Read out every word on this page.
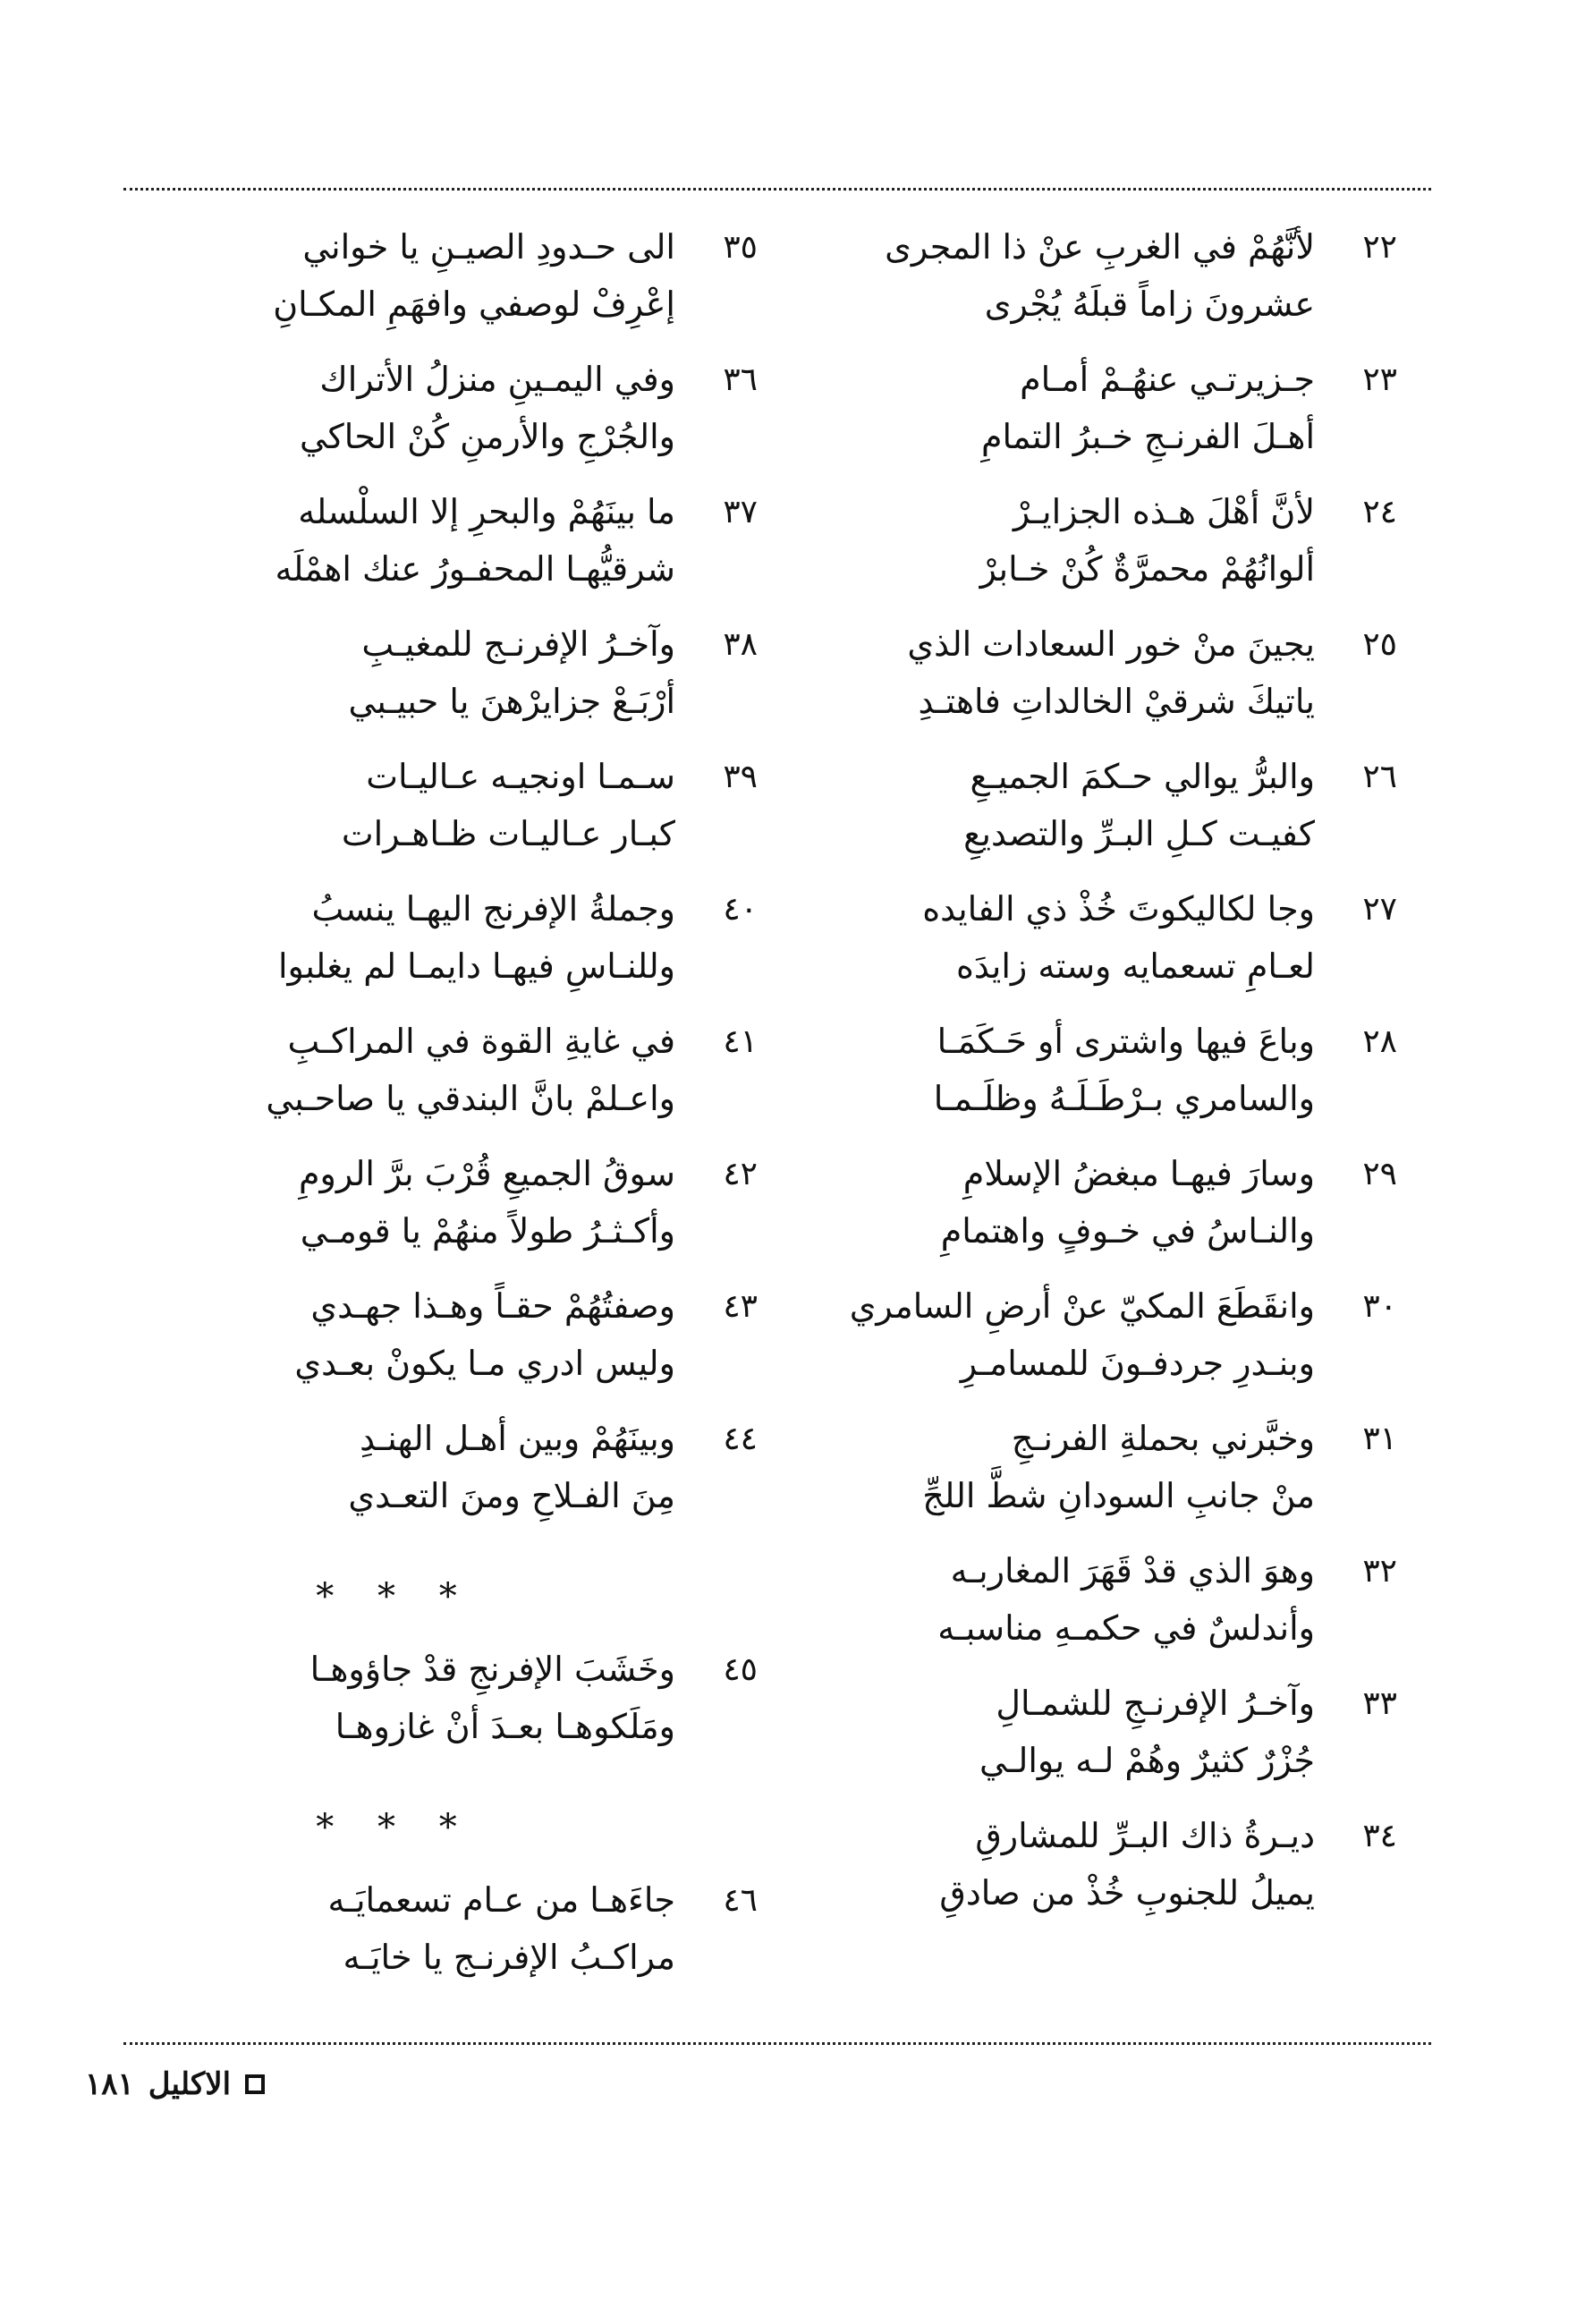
٢٢
لأنَّهُمْ في الغربِ عنْ ذا المجرى
عشرونَ زاماً قبلَهُ يُجْرى
٢٣
جـزيرتـي عنهُـمْ أمـام
أهـلَ الفرنـجِ خـبرُ التمامِ
٢٤
لأنَّ أهْلَ هـذه الجزايـرْ
ألوانُهُمْ محمرَّةٌ كُنْ خـابرْ
٢٥
يجينَ منْ خور السعادات الذي
ياتيكَ شرقيْ الخالداتِ فاهتـدِ
٢٦
والبرُّ يوالي حـكمَ الجميـعِ
كفيـت كـلِ البـرِّ والتصديعِ
٢٧
وجا لكاليكوتَ خُذْ ذي الفايده
لعـامِ تسعمايه وسته زايدَه
٢٨
وباعَ فيها واشترى أو حَـكَمَـا
والسامري بـرْطَـلَـهُ وظلَـمـا
٢٩
وسارَ فيهـا مبغضُ الإسلامِ
والنـاسُ في خـوفٍ واهتمامِ
٣٠
وانقَطَعَ المكيّ عنْ أرضِ السامري
وبنـدرِ جردفـونَ للمسامـرِ
٣١
وخبَّرني بحملةِ الفرنـجِ
منْ جانبِ السودانِ شطَّ اللجِّ
٣٢
وهوَ الذي قدْ قَهَرَ المغاربـه
وأندلسٌ في حكمـهِ مناسبـه
٣٣
وآخـرُ الإفرنـجِ للشمـالِ
جُزْرٌ كثيرٌ وهُمْ لـه يوالـي
٣٤
ديـرةُ ذاك البـرِّ للمشارقِ
يميلُ للجنوبِ خُذْ من صادقِ
٣٥
الى حـدودِ الصيـنِ يا خواني
إعْرِفْ لوصفي وافهَمِ المكـانِ
٣٦
وفي اليمـينِ منزلُ الأتراك
والجُرْجِ والأرمنِ كُنْ الحاكي
٣٧
ما بينَهُمْ والبحرِ إلا السلْسله
شرقيُّهـا المحفـورُ عنك اهمْلَه
٣٨
وآخـرُ الإفرنـج للمغيـبِ
أرْبَـعْ جزايرْهنَ يا حبيـبي
٣٩
سـمـا اونجيـه عـاليـات
كبـار عـاليـات ظـاهـرات
٤٠
وجملةُ الإفرنج اليهـا ينسبُ
وللنـاسِ فيهـا دايمـا لم يغلبوا
٤١
في غايةِ القوة في المراكـبِ
واعـلمْ بانَّ البندقي يا صاحـبي
٤٢
سوقُ الجميعِ قُرْبَ برَّ الرومِ
وأكـثـرُ طولاً منهُمْ يا قومـي
٤٣
وصفتُهُمْ حقـاً وهـذا جهـدي
وليس ادري مـا يكونْ بعـدي
٤٤
وبينَهُمْ وبين أهـل الهنـدِ
مِنَ الفـلاحِ ومنَ التعـدي
* * *
٤٥
وخَشَبَ الإفرنجِ قدْ جاؤوهـا
ومَلَكوهـا بعـدَ أنْ غازوهـا
* * *
٤٦
جاءَهـا من عـام تسعمايَـه
مراكـبُ الإفرنـج يا خايَـه
الاكليل
١٨١
